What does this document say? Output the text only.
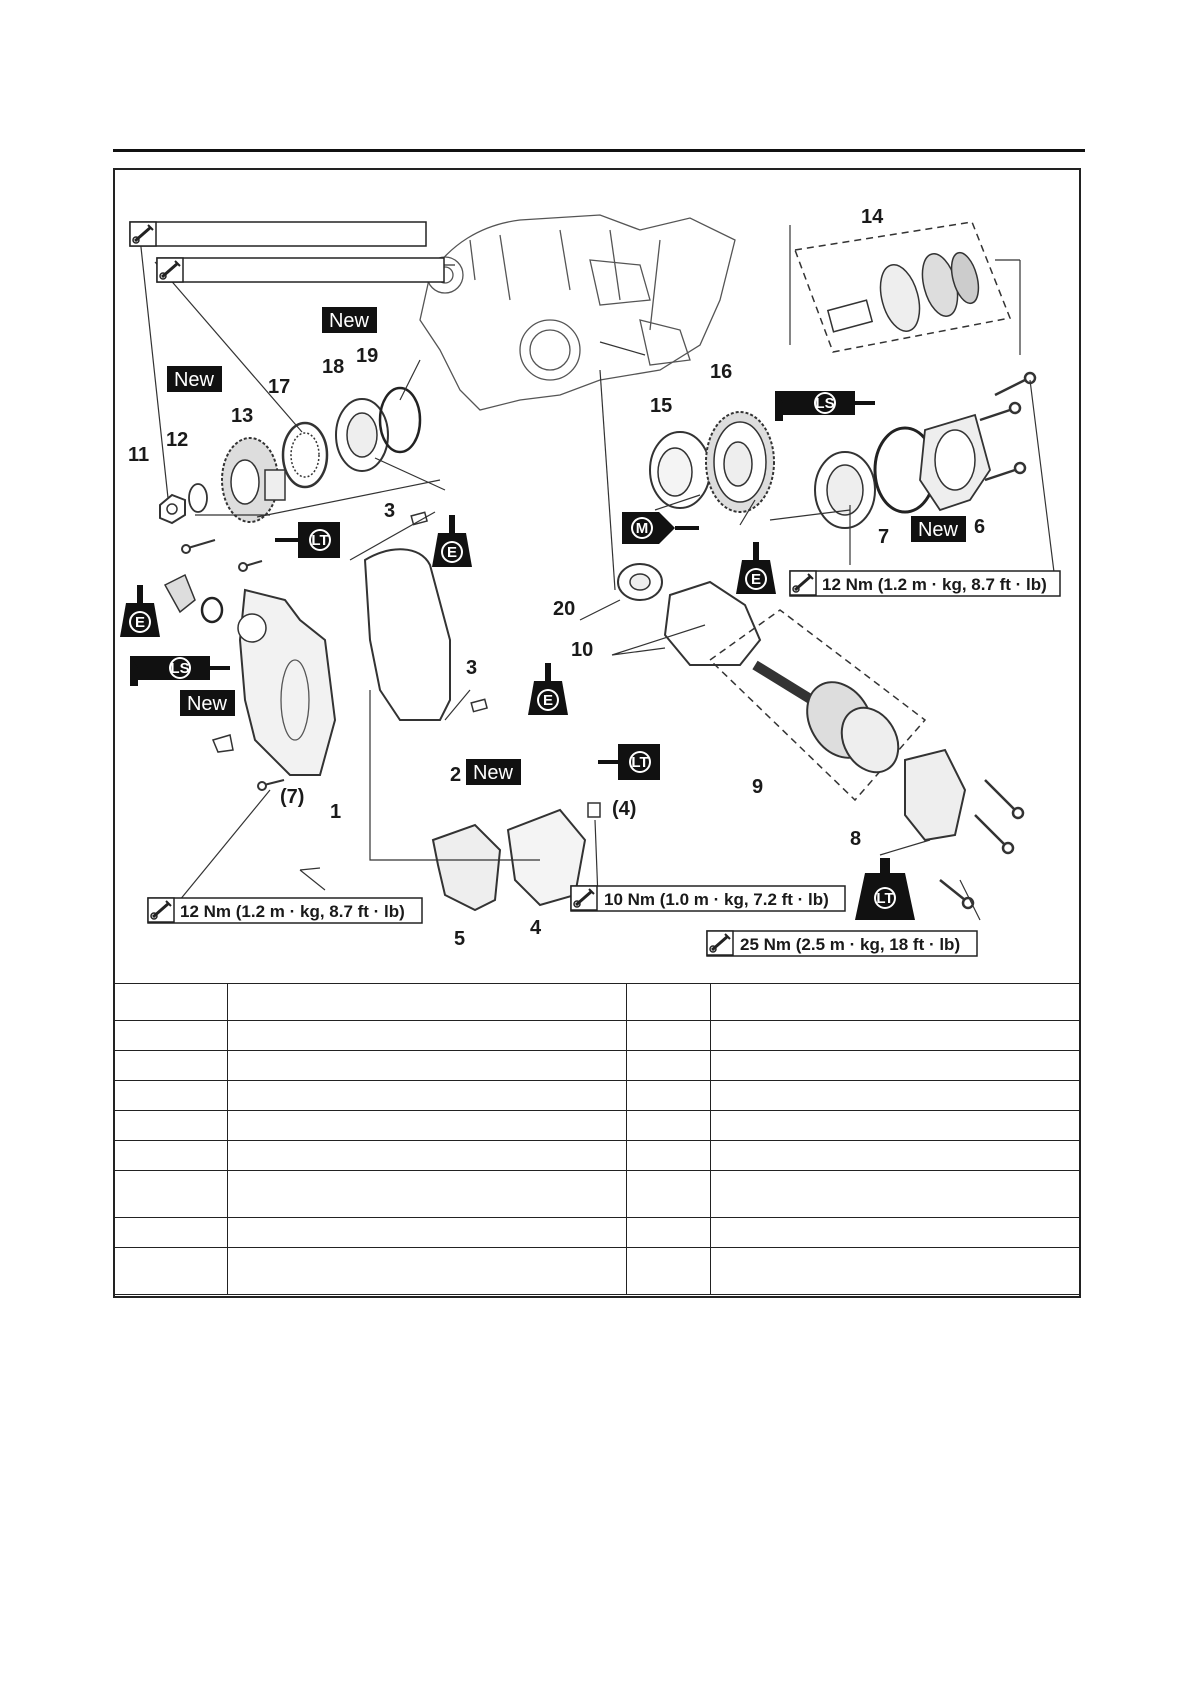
12 Nm (1.2 m · kg, 8.7 ft · lb)
12 Nm (1.2 m · kg, 8.7 ft · lb)
10 Nm (1.0 m · kg, 7.2 ft · lb)
25 Nm (2.5 m · kg, 18 ft · lb)
New
New
New
New
New
E
E
E
E
M
LT
LT
LT
LS
LS
1
2
3
3
4
5
6
7
8
9
10
11
12
13
14
15
16
17
18 19
20
(7)
(4)
